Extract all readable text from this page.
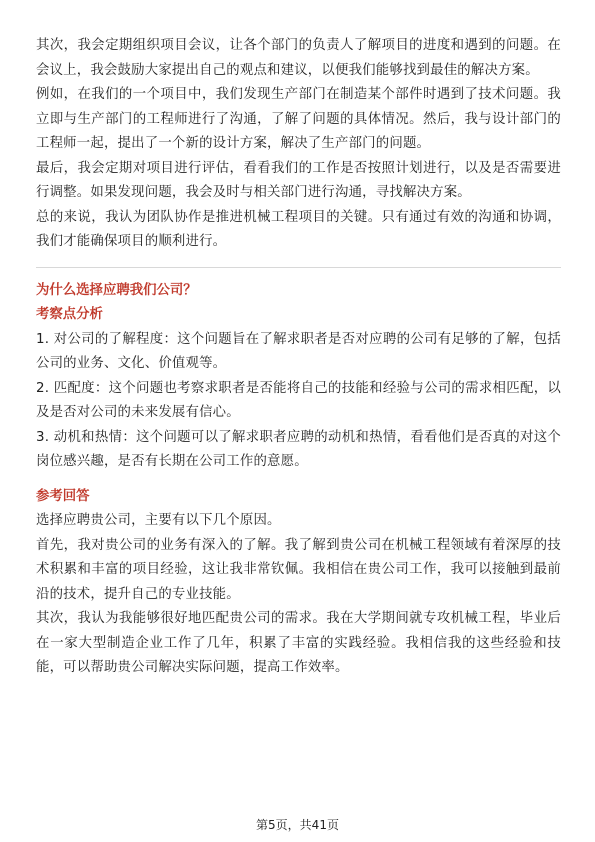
其次，我会定期组织项目会议，让各个部门的负责人了解项目的进度和遇到的问题。在会议上，我会鼓励大家提出自己的观点和建议，以便我们能够找到最佳的解决方案。

例如，在我们的一个项目中，我们发现生产部门在制造某个部件时遇到了技术问题。我立即与生产部门的工程师进行了沟通，了解了问题的具体情况。然后，我与设计部门的工程师一起，提出了一个新的设计方案，解决了生产部门的问题。

最后，我会定期对项目进行评估，看看我们的工作是否按照计划进行，以及是否需要进行调整。如果发现问题，我会及时与相关部门进行沟通，寻找解决方案。

总的来说，我认为团队协作是推进机械工程项目的关键。只有通过有效的沟通和协调，我们才能确保项目的顺利进行。

为什么选择应聘我们公司？

考察点分析

1. 对公司的了解程度：这个问题旨在了解求职者是否对应聘的公司有足够的了解，包括公司的业务、文化、价值观等。

2. 匹配度：这个问题也考察求职者是否能将自己的技能和经验与公司的需求相匹配，以及是否对公司的未来发展有信心。

3. 动机和热情：这个问题可以了解求职者应聘的动机和热情，看看他们是否真的对这个岗位感兴趣，是否有长期在公司工作的意愿。

参考回答

选择应聘贵公司，主要有以下几个原因。

首先，我对贵公司的业务有深入的了解。我了解到贵公司在机械工程领域有着深厚的技术积累和丰富的项目经验，这让我非常钦佩。我相信在贵公司工作，我可以接触到最前沿的技术，提升自己的专业技能。

其次，我认为我能够很好地匹配贵公司的需求。我在大学期间就专攻机械工程，毕业后在一家大型制造企业工作了几年，积累了丰富的实践经验。我相信我的这些经验和技能，可以帮助贵公司解决实际问题，提高工作效率。

第5页，共41页
